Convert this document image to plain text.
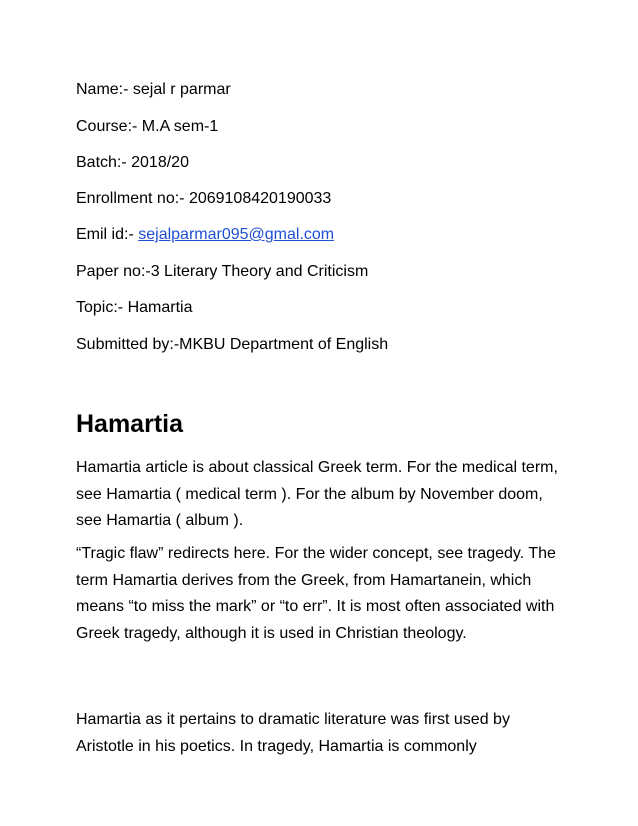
Name:- sejal r parmar
Course:- M.A sem-1
Batch:- 2018/20
Enrollment no:- 2069108420190033
Emil id:- sejalparmar095@gmal.com
Paper no:-3 Literary Theory and Criticism
Topic:- Hamartia
Submitted by:-MKBU Department of English
Hamartia

Hamartia article is about classical Greek term. For the medical term, see Hamartia ( medical term ). For the album by November doom, see Hamartia ( album ).

“Tragic flaw” redirects here. For the wider concept, see tragedy. The term Hamartia derives from the Greek, from Hamartanein, which means “to miss the mark” or “to err”. It is most often associated with Greek tragedy, although it is used in Christian theology.

Hamartia as it pertains to dramatic literature was first used by Aristotle in his poetics. In tragedy, Hamartia is commonly
